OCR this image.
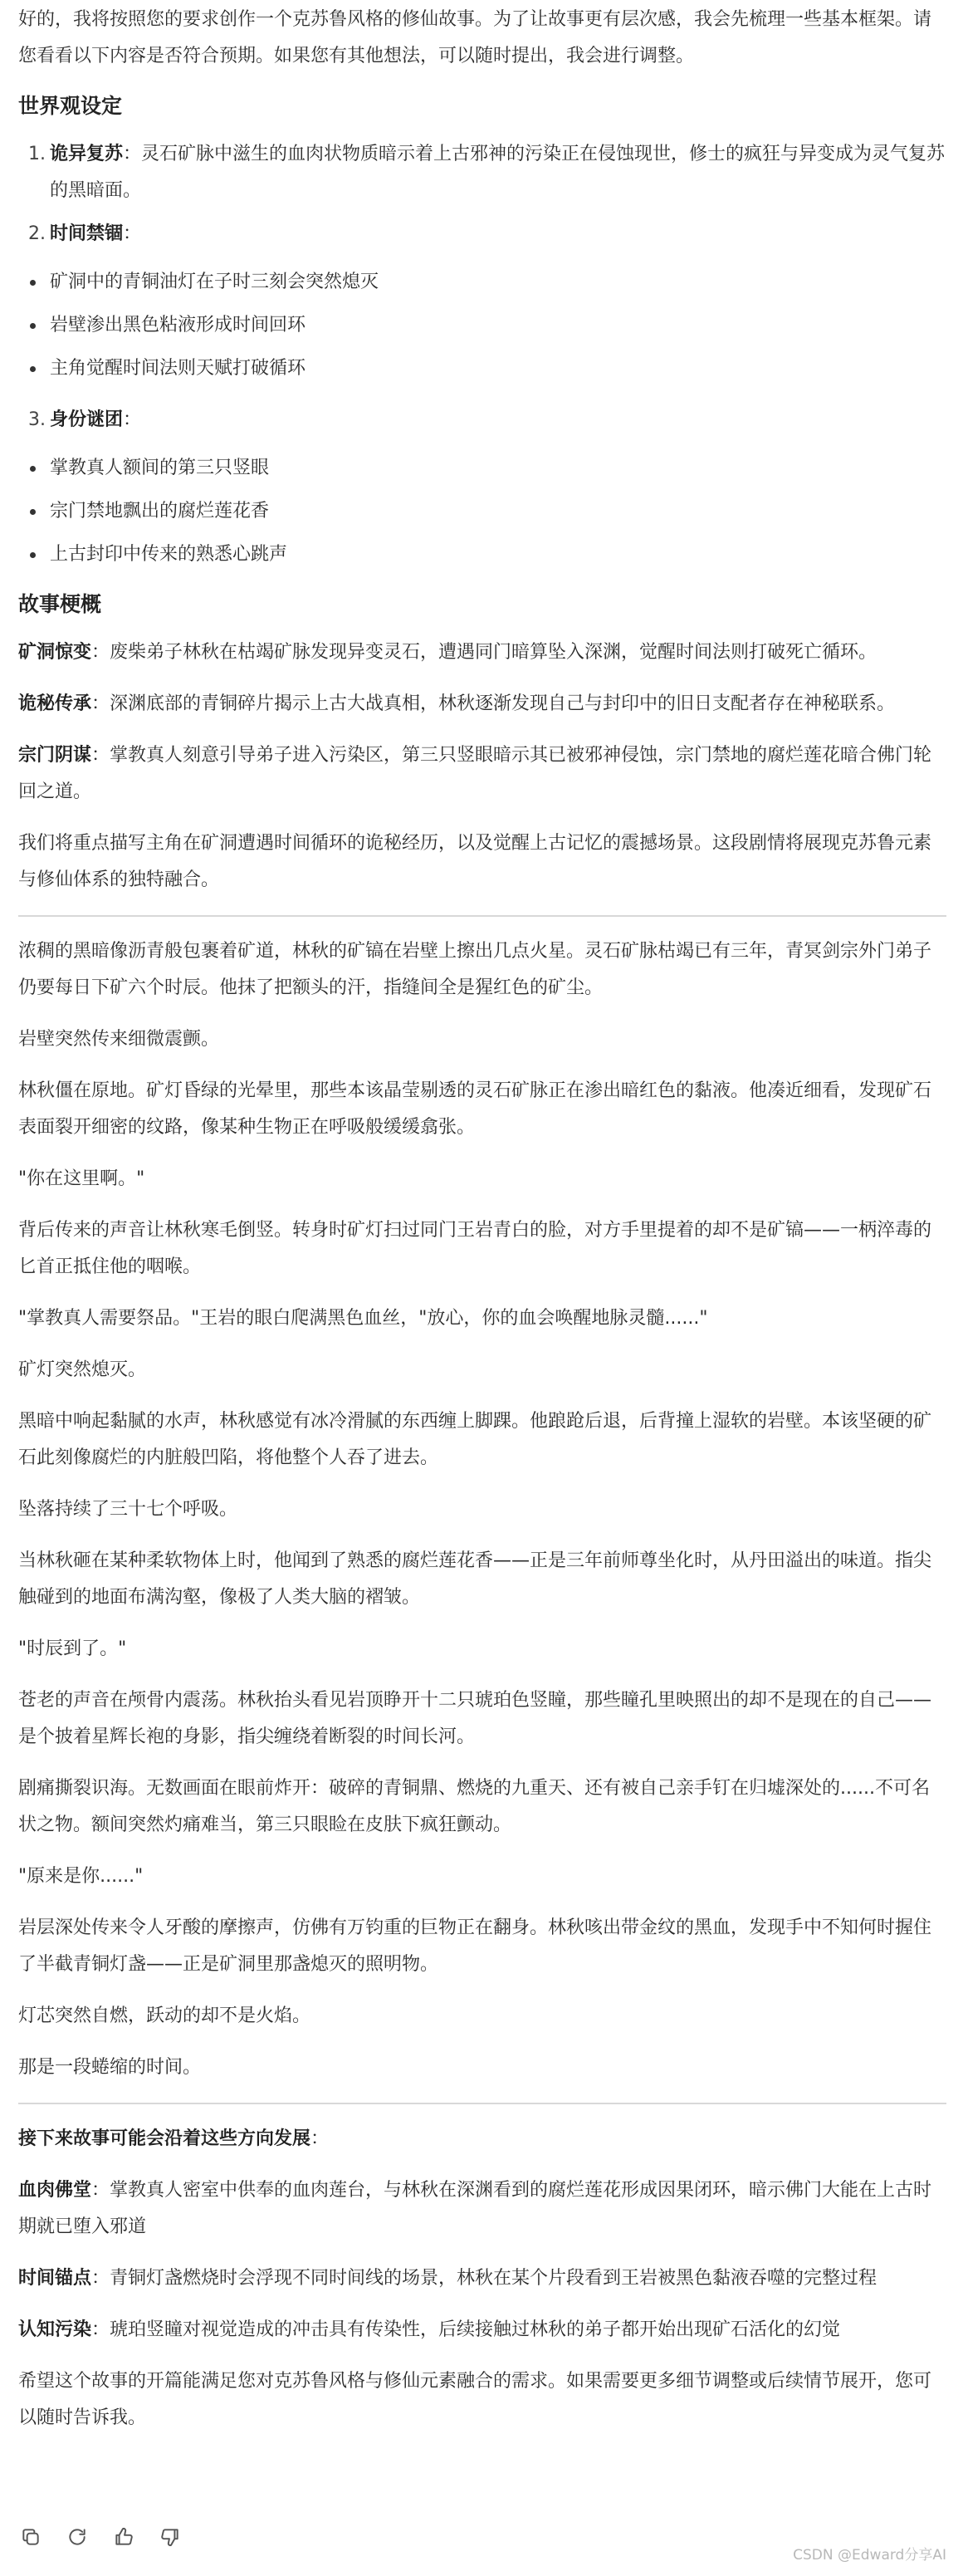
好的，我将按照您的要求创作一个克苏鲁风格的修仙故事。为了让故事更有层次感，我会先梳理一些基本框架。请您看看以下内容是否符合预期。如果您有其他想法，可以随时提出，我会进行调整。

世界观设定
1. 诡异复苏：灵石矿脉中滋生的血肉状物质暗示着上古邪神的污染正在侵蚀现世，修士的疯狂与异变成为灵气复苏的黑暗面。
2. 时间禁锢：
矿洞中的青铜油灯在子时三刻会突然熄灭
岩壁渗出黑色粘液形成时间回环
主角觉醒时间法则天赋打破循环
3. 身份谜团：
掌教真人额间的第三只竖眼
宗门禁地飘出的腐烂莲花香
上古封印中传来的熟悉心跳声
故事梗概

矿洞惊变：废柴弟子林秋在枯竭矿脉发现异变灵石，遭遇同门暗算坠入深渊，觉醒时间法则打破死亡循环。

诡秘传承：深渊底部的青铜碎片揭示上古大战真相，林秋逐渐发现自己与封印中的旧日支配者存在神秘联系。

宗门阴谋：掌教真人刻意引导弟子进入污染区，第三只竖眼暗示其已被邪神侵蚀，宗门禁地的腐烂莲花暗合佛门轮回之道。

我们将重点描写主角在矿洞遭遇时间循环的诡秘经历，以及觉醒上古记忆的震撼场景。这段剧情将展现克苏鲁元素与修仙体系的独特融合。

浓稠的黑暗像沥青般包裹着矿道，林秋的矿镐在岩壁上擦出几点火星。灵石矿脉枯竭已有三年，青冥剑宗外门弟子仍要每日下矿六个时辰。他抹了把额头的汗，指缝间全是猩红色的矿尘。

岩壁突然传来细微震颤。

林秋僵在原地。矿灯昏绿的光晕里，那些本该晶莹剔透的灵石矿脉正在渗出暗红色的黏液。他凑近细看，发现矿石表面裂开细密的纹路，像某种生物正在呼吸般缓缓翕张。

"你在这里啊。"

背后传来的声音让林秋寒毛倒竖。转身时矿灯扫过同门王岩青白的脸，对方手里提着的却不是矿镐——一柄淬毒的匕首正抵住他的咽喉。

"掌教真人需要祭品。"王岩的眼白爬满黑色血丝，"放心，你的血会唤醒地脉灵髓......"

矿灯突然熄灭。

黑暗中响起黏腻的水声，林秋感觉有冰冷滑腻的东西缠上脚踝。他踉跄后退，后背撞上湿软的岩壁。本该坚硬的矿石此刻像腐烂的内脏般凹陷，将他整个人吞了进去。

坠落持续了三十七个呼吸。

当林秋砸在某种柔软物体上时，他闻到了熟悉的腐烂莲花香——正是三年前师尊坐化时，从丹田溢出的味道。指尖触碰到的地面布满沟壑，像极了人类大脑的褶皱。

"时辰到了。"

苍老的声音在颅骨内震荡。林秋抬头看见岩顶睁开十二只琥珀色竖瞳，那些瞳孔里映照出的却不是现在的自己——是个披着星辉长袍的身影，指尖缠绕着断裂的时间长河。

剧痛撕裂识海。无数画面在眼前炸开：破碎的青铜鼎、燃烧的九重天、还有被自己亲手钉在归墟深处的......不可名状之物。额间突然灼痛难当，第三只眼睑在皮肤下疯狂颤动。

"原来是你......"

岩层深处传来令人牙酸的摩擦声，仿佛有万钧重的巨物正在翻身。林秋咳出带金纹的黑血，发现手中不知何时握住了半截青铜灯盏——正是矿洞里那盏熄灭的照明物。

灯芯突然自燃，跃动的却不是火焰。

那是一段蜷缩的时间。

接下来故事可能会沿着这些方向发展：

血肉佛堂：掌教真人密室中供奉的血肉莲台，与林秋在深渊看到的腐烂莲花形成因果闭环，暗示佛门大能在上古时期就已堕入邪道

时间锚点：青铜灯盏燃烧时会浮现不同时间线的场景，林秋在某个片段看到王岩被黑色黏液吞噬的完整过程

认知污染：琥珀竖瞳对视觉造成的冲击具有传染性，后续接触过林秋的弟子都开始出现矿石活化的幻觉

希望这个故事的开篇能满足您对克苏鲁风格与修仙元素融合的需求。如果需要更多细节调整或后续情节展开，您可以随时告诉我。

CSDN @Edward分享AI
